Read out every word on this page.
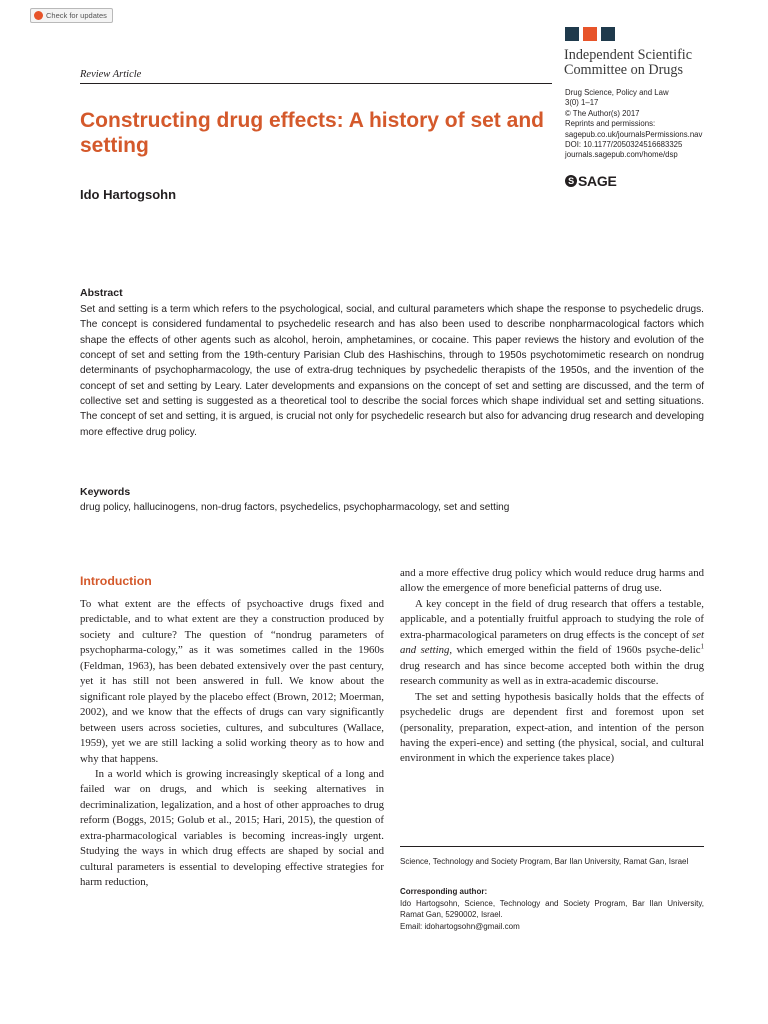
Check for updates
Review Article
Independent Scientific
Committee on Drugs
Drug Science, Policy and Law
3(0) 1–17
© The Author(s) 2017
Reprints and permissions:
sagepub.co.uk/journalsPermissions.nav
DOI: 10.1177/2050324516683325
journals.sagepub.com/home/dsp
S SAGE
Constructing drug effects: A history of set and setting
Ido Hartogsohn
Abstract
Set and setting is a term which refers to the psychological, social, and cultural parameters which shape the response to psychedelic drugs. The concept is considered fundamental to psychedelic research and has also been used to describe nonpharmacological factors which shape the effects of other agents such as alcohol, heroin, amphetamines, or cocaine. This paper reviews the history and evolution of the concept of set and setting from the 19th-century Parisian Club des Hashischins, through to 1950s psychotomimetic research on nondrug determinants of psychopharmacology, the use of extra-drug techniques by psychedelic therapists of the 1950s, and the invention of the concept of set and setting by Leary. Later developments and expansions on the concept of set and setting are discussed, and the term of collective set and setting is suggested as a theoretical tool to describe the social forces which shape individual set and setting situations. The concept of set and setting, it is argued, is crucial not only for psychedelic research but also for advancing drug research and developing more effective drug policy.
Keywords
drug policy, hallucinogens, non-drug factors, psychedelics, psychopharmacology, set and setting
Introduction

To what extent are the effects of psychoactive drugs fixed and predictable, and to what extent are they a construction produced by society and culture? The question of “nondrug parameters of psychopharma-cology,” as it was sometimes called in the 1960s (Feldman, 1963), has been debated extensively over the past century, yet it has still not been answered in full. We know about the significant role played by the placebo effect (Brown, 2012; Moerman, 2002), and we know that the effects of drugs can vary significantly between users across societies, cultures, and subcultures (Wallace, 1959), yet we are still lacking a solid working theory as to how and why that happens.

In a world which is growing increasingly skeptical of a long and failed war on drugs, and which is seeking alternatives in decriminalization, legalization, and a host of other approaches to drug reform (Boggs, 2015; Golub et al., 2015; Hari, 2015), the question of extra-pharmacological variables is becoming increas-ingly urgent. Studying the ways in which drug effects are shaped by social and cultural parameters is essential to developing effective strategies for harm reduction,

and a more effective drug policy which would reduce drug harms and allow the emergence of more beneficial patterns of drug use.

A key concept in the field of drug research that offers a testable, applicable, and a potentially fruitful approach to studying the role of extra-pharmacological parameters on drug effects is the concept of set and setting, which emerged within the field of 1960s psyche-delic$^1$ drug research and has since become accepted both within the drug research community as well as in extra-academic discourse.

The set and setting hypothesis basically holds that the effects of psychedelic drugs are dependent first and foremost upon set (personality, preparation, expect-ation, and intention of the person having the experi-ence) and setting (the physical, social, and cultural environment in which the experience takes place)

Science, Technology and Society Program, Bar Ilan University, Ramat Gan, Israel
Corresponding author:
Ido Hartogsohn, Science, Technology and Society Program, Bar Ilan University, Ramat Gan, 5290002, Israel.
Email: idohartogsohn@gmail.com
